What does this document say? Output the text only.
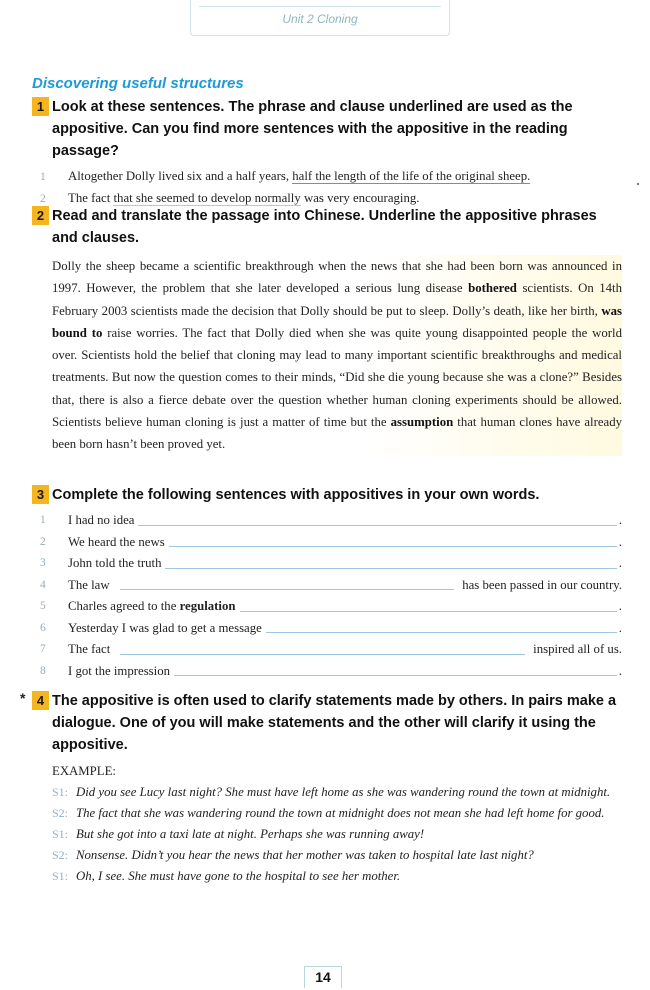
Unit 2 Cloning
Discovering useful structures
1 Look at these sentences. The phrase and clause underlined are used as the appositive. Can you find more sentences with the appositive in the reading passage?
1	Altogether Dolly lived six and a half years, half the length of the life of the original sheep.
2	The fact that she seemed to develop normally was very encouraging.
2 Read and translate the passage into Chinese. Underline the appositive phrases and clauses.

Dolly the sheep became a scientific breakthrough when the news that she had been born was announced in 1997. However, the problem that she later developed a serious lung disease bothered scientists. On 14th February 2003 scientists made the decision that Dolly should be put to sleep. Dolly’s death, like her birth, was bound to raise worries. The fact that Dolly died when she was quite young disappointed people the world over. Scientists hold the belief that cloning may lead to many important scientific breakthroughs and medical treatments. But now the question comes to their minds, “Did she die young because she was a clone?” Besides that, there is also a fierce debate over the question whether human cloning experiments should be allowed. Scientists believe human cloning is just a matter of time but the assumption that human clones have already been born hasn’t been proved yet.

3 Complete the following sentences with appositives in your own words.
1	I had no idea	.
2	We heard the news	.
3	John told the truth	.
4	The law	has been passed in our country.
5	Charles agreed to the regulation	.
6	Yesterday I was glad to get a message	.
7	The fact	inspired all of us.
8	I got the impression	.
* 4 The appositive is often used to clarify statements made by others. In pairs make a dialogue. One of you will make statements and the other will clarify it using the appositive.
EXAMPLE:
S1: Did you see Lucy last night? She must have left home as she was wandering round the town at midnight.
S2: The fact that she was wandering round the town at midnight does not mean she had left home for good.
S1: But she got into a taxi late at night. Perhaps she was running away!
S2: Nonsense. Didn’t you hear the news that her mother was taken to hospital late last night?
S1: Oh, I see. She must have gone to the hospital to see her mother.
14
